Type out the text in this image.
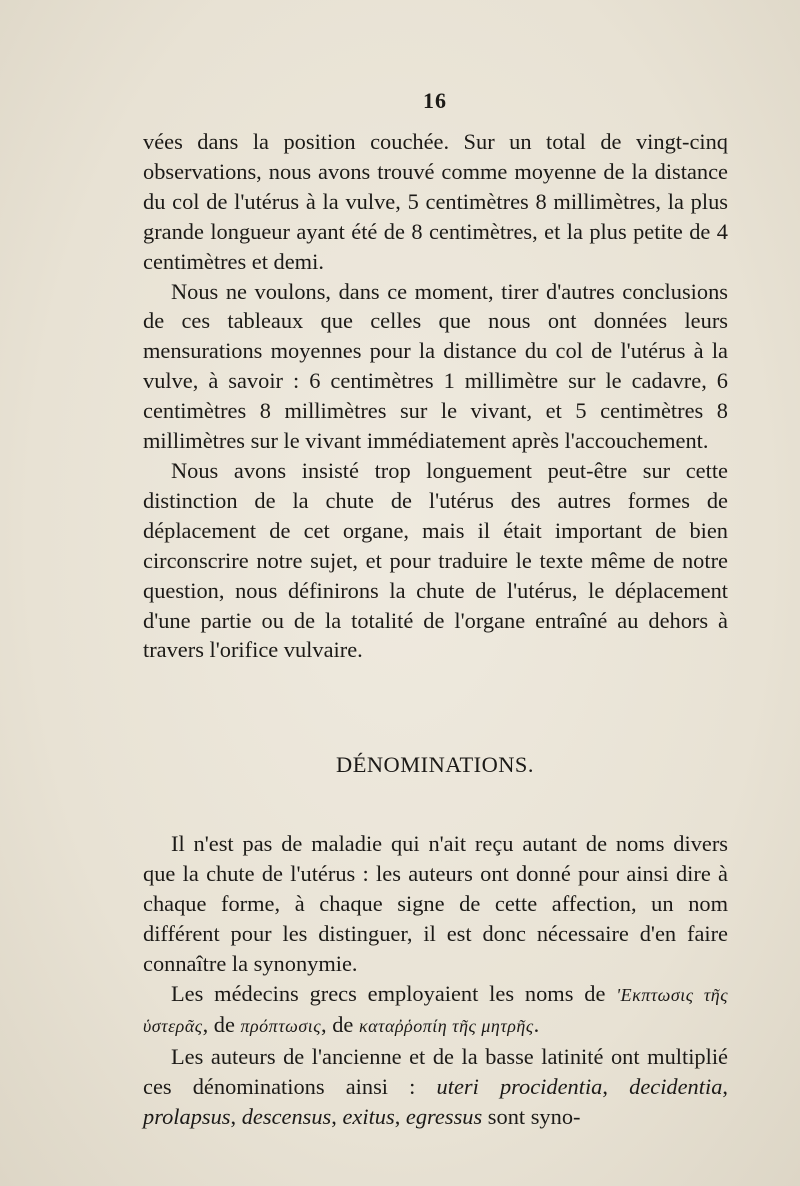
16

vées dans la position couchée. Sur un total de vingt-cinq observations, nous avons trouvé comme moyenne de la distance du col de l'utérus à la vulve, 5 centimètres 8 millimètres, la plus grande longueur ayant été de 8 centimètres, et la plus petite de 4 centimètres et demi.

Nous ne voulons, dans ce moment, tirer d'autres conclusions de ces tableaux que celles que nous ont données leurs mensurations moyennes pour la distance du col de l'utérus à la vulve, à savoir : 6 centimètres 1 millimètre sur le cadavre, 6 centimètres 8 millimètres sur le vivant, et 5 centimètres 8 millimètres sur le vivant immédiatement après l'accouchement.

Nous avons insisté trop longuement peut-être sur cette distinction de la chute de l'utérus des autres formes de déplacement de cet organe, mais il était important de bien circonscrire notre sujet, et pour traduire le texte même de notre question, nous définirons la chute de l'utérus, le déplacement d'une partie ou de la totalité de l'organe entraîné au dehors à travers l'orifice vulvaire.

DÉNOMINATIONS.

Il n'est pas de maladie qui n'ait reçu autant de noms divers que la chute de l'utérus : les auteurs ont donné pour ainsi dire à chaque forme, à chaque signe de cette affection, un nom différent pour les distinguer, il est donc nécessaire d'en faire connaître la synonymie.

Les médecins grecs employaient les noms de 'Εκπτωσις τῆς ὑστερᾶς, de πρόπτωσις, de καταῤῥοπίη τῆς μητρῆς.

Les auteurs de l'ancienne et de la basse latinité ont multiplié ces dénominations ainsi : uteri procidentia, decidentia, prolapsus, descensus, exitus, egressus sont syno-
